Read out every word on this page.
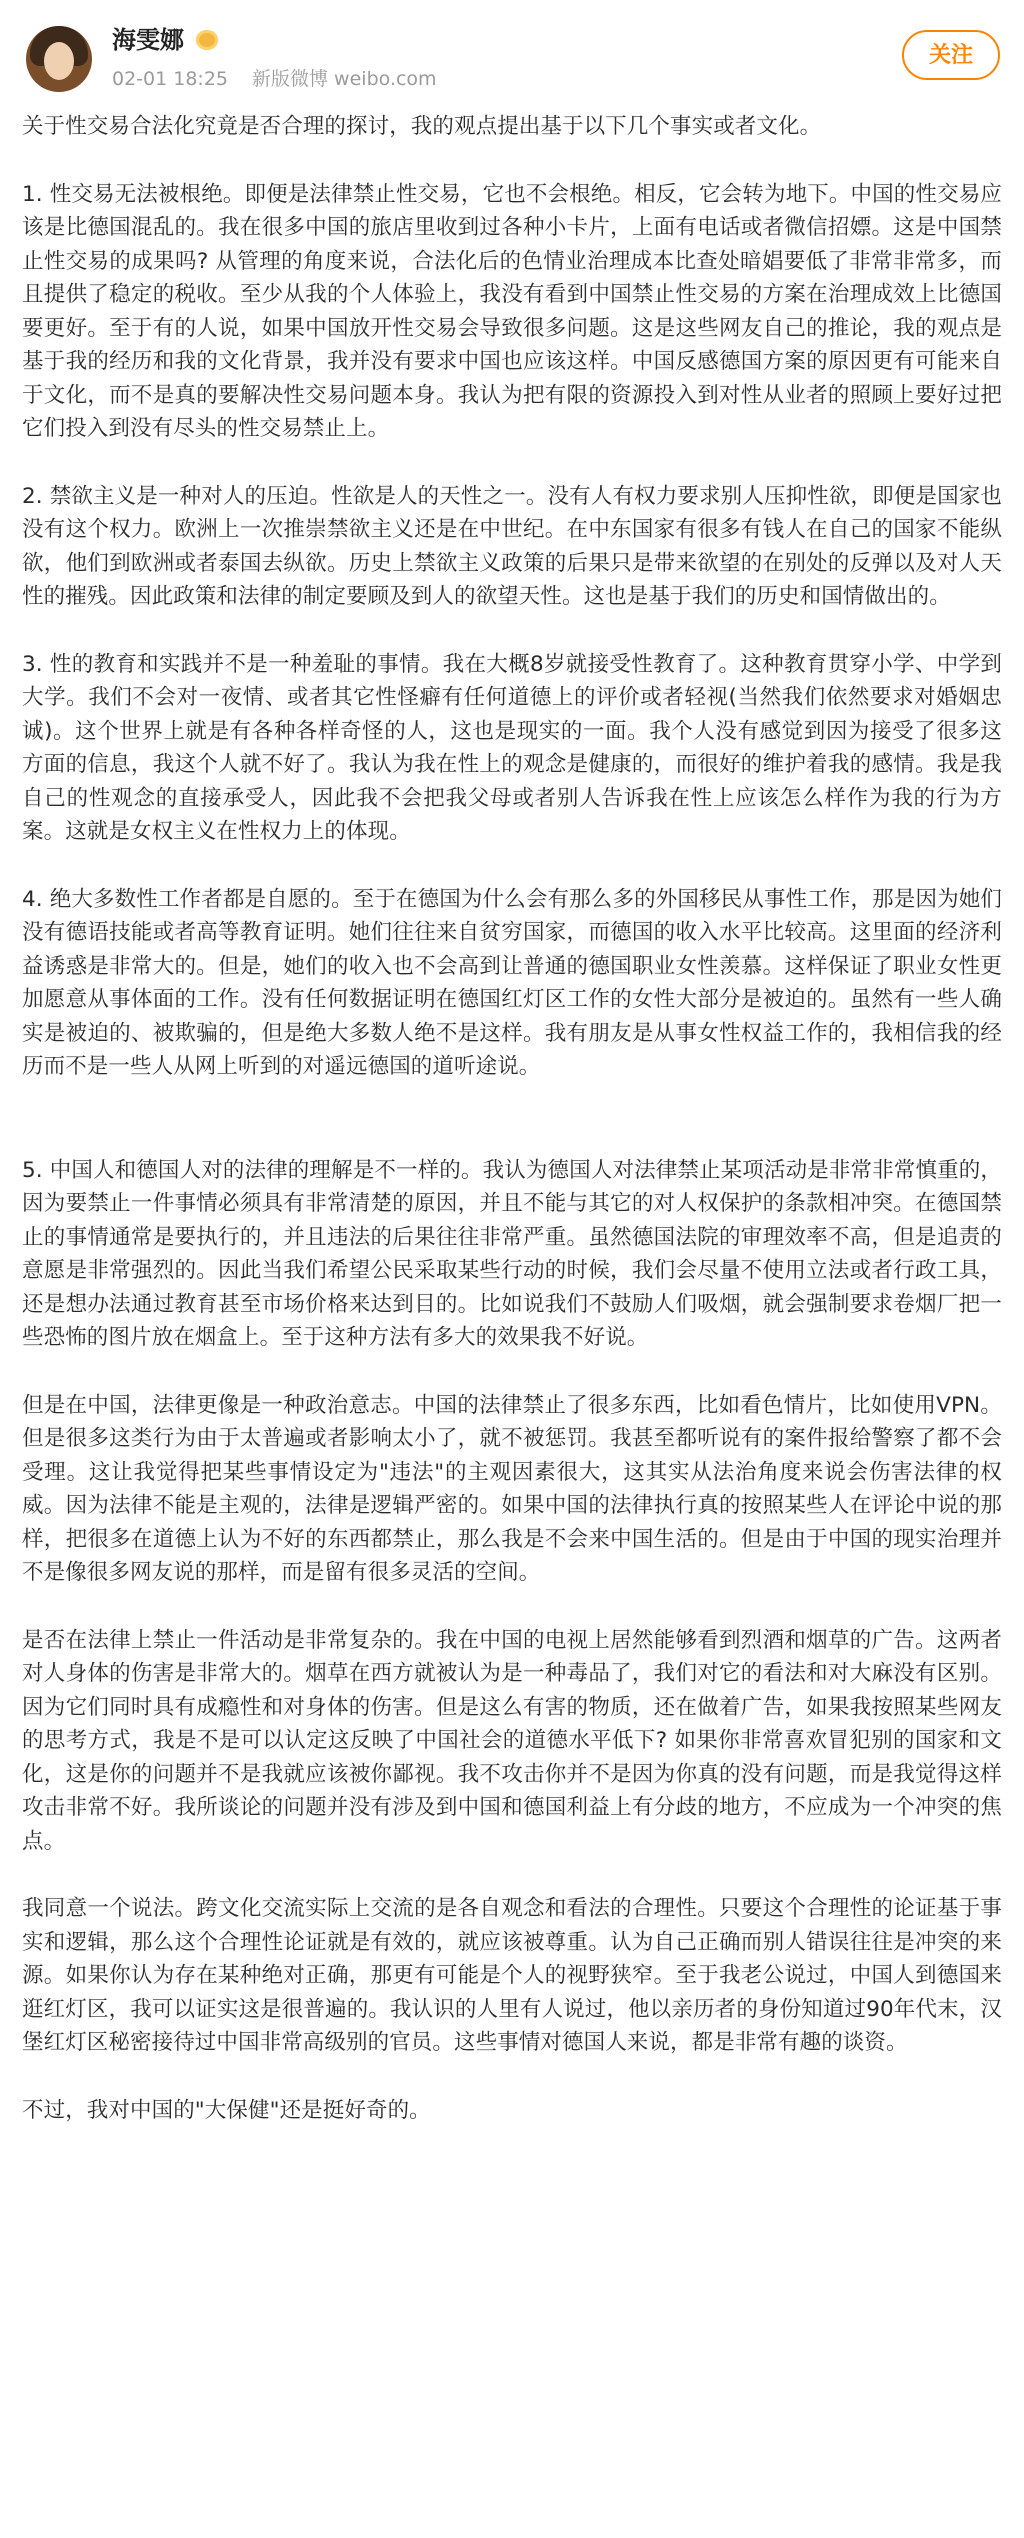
海雯娜
02-01 18:25 新版微博 weibo.com
关注

关于性交易合法化究竟是否合理的探讨，我的观点提出基于以下几个事实或者文化。

1. 性交易无法被根绝。即便是法律禁止性交易，它也不会根绝。相反，它会转为地下。中国的性交易应该是比德国混乱的。我在很多中国的旅店里收到过各种小卡片，上面有电话或者微信招嫖。这是中国禁止性交易的成果吗? 从管理的角度来说，合法化后的色情业治理成本比查处暗娼要低了非常非常多，而且提供了稳定的税收。至少从我的个人体验上，我没有看到中国禁止性交易的方案在治理成效上比德国要更好。至于有的人说，如果中国放开性交易会导致很多问题。这是这些网友自己的推论，我的观点是基于我的经历和我的文化背景，我并没有要求中国也应该这样。中国反感德国方案的原因更有可能来自于文化，而不是真的要解决性交易问题本身。我认为把有限的资源投入到对性从业者的照顾上要好过把它们投入到没有尽头的性交易禁止上。

2. 禁欲主义是一种对人的压迫。性欲是人的天性之一。没有人有权力要求别人压抑性欲，即便是国家也没有这个权力。欧洲上一次推崇禁欲主义还是在中世纪。在中东国家有很多有钱人在自己的国家不能纵欲，他们到欧洲或者泰国去纵欲。历史上禁欲主义政策的后果只是带来欲望的在别处的反弹以及对人天性的摧残。因此政策和法律的制定要顾及到人的欲望天性。这也是基于我们的历史和国情做出的。

3. 性的教育和实践并不是一种羞耻的事情。我在大概8岁就接受性教育了。这种教育贯穿小学、中学到大学。我们不会对一夜情、或者其它性怪癖有任何道德上的评价或者轻视(当然我们依然要求对婚姻忠诚)。这个世界上就是有各种各样奇怪的人，这也是现实的一面。我个人没有感觉到因为接受了很多这方面的信息，我这个人就不好了。我认为我在性上的观念是健康的，而很好的维护着我的感情。我是我自己的性观念的直接承受人，因此我不会把我父母或者别人告诉我在性上应该怎么样作为我的行为方案。这就是女权主义在性权力上的体现。

4. 绝大多数性工作者都是自愿的。至于在德国为什么会有那么多的外国移民从事性工作，那是因为她们没有德语技能或者高等教育证明。她们往往来自贫穷国家，而德国的收入水平比较高。这里面的经济利益诱惑是非常大的。但是，她们的收入也不会高到让普通的德国职业女性羡慕。这样保证了职业女性更加愿意从事体面的工作。没有任何数据证明在德国红灯区工作的女性大部分是被迫的。虽然有一些人确实是被迫的、被欺骗的，但是绝大多数人绝不是这样。我有朋友是从事女性权益工作的，我相信我的经历而不是一些人从网上听到的对遥远德国的道听途说。

5. 中国人和德国人对的法律的理解是不一样的。我认为德国人对法律禁止某项活动是非常非常慎重的，因为要禁止一件事情必须具有非常清楚的原因，并且不能与其它的对人权保护的条款相冲突。在德国禁止的事情通常是要执行的，并且违法的后果往往非常严重。虽然德国法院的审理效率不高，但是追责的意愿是非常强烈的。因此当我们希望公民采取某些行动的时候，我们会尽量不使用立法或者行政工具，还是想办法通过教育甚至市场价格来达到目的。比如说我们不鼓励人们吸烟，就会强制要求卷烟厂把一些恐怖的图片放在烟盒上。至于这种方法有多大的效果我不好说。

但是在中国，法律更像是一种政治意志。中国的法律禁止了很多东西，比如看色情片，比如使用VPN。但是很多这类行为由于太普遍或者影响太小了，就不被惩罚。我甚至都听说有的案件报给警察了都不会受理。这让我觉得把某些事情设定为"违法"的主观因素很大，这其实从法治角度来说会伤害法律的权威。因为法律不能是主观的，法律是逻辑严密的。如果中国的法律执行真的按照某些人在评论中说的那样，把很多在道德上认为不好的东西都禁止，那么我是不会来中国生活的。但是由于中国的现实治理并不是像很多网友说的那样，而是留有很多灵活的空间。

是否在法律上禁止一件活动是非常复杂的。我在中国的电视上居然能够看到烈酒和烟草的广告。这两者对人身体的伤害是非常大的。烟草在西方就被认为是一种毒品了，我们对它的看法和对大麻没有区别。因为它们同时具有成瘾性和对身体的伤害。但是这么有害的物质，还在做着广告，如果我按照某些网友的思考方式，我是不是可以认定这反映了中国社会的道德水平低下? 如果你非常喜欢冒犯别的国家和文化，这是你的问题并不是我就应该被你鄙视。我不攻击你并不是因为你真的没有问题，而是我觉得这样攻击非常不好。我所谈论的问题并没有涉及到中国和德国利益上有分歧的地方，不应成为一个冲突的焦点。

我同意一个说法。跨文化交流实际上交流的是各自观念和看法的合理性。只要这个合理性的论证基于事实和逻辑，那么这个合理性论证就是有效的，就应该被尊重。认为自己正确而别人错误往往是冲突的来源。如果你认为存在某种绝对正确，那更有可能是个人的视野狭窄。至于我老公说过，中国人到德国来逛红灯区，我可以证实这是很普遍的。我认识的人里有人说过，他以亲历者的身份知道过90年代末，汉堡红灯区秘密接待过中国非常高级别的官员。这些事情对德国人来说，都是非常有趣的谈资。

不过，我对中国的"大保健"还是挺好奇的。
